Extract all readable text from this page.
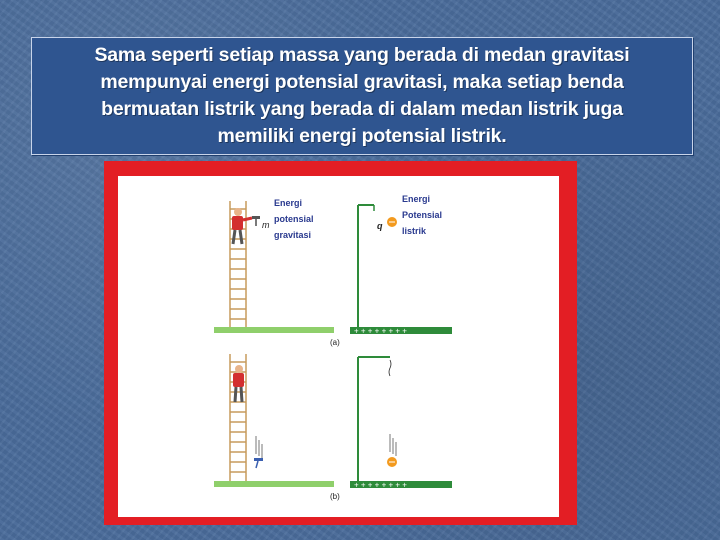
Sama seperti setiap massa yang berada di medan gravitasi mempunyai energi potensial gravitasi, maka setiap benda bermuatan listrik yang berada di dalam medan listrik juga memiliki energi potensial listrik.

m
Energi
potensial
gravitasi
q
Energi
Potensial
listrik
+ + + + + + + +
(a)
+ + + + + + + +
(b)
